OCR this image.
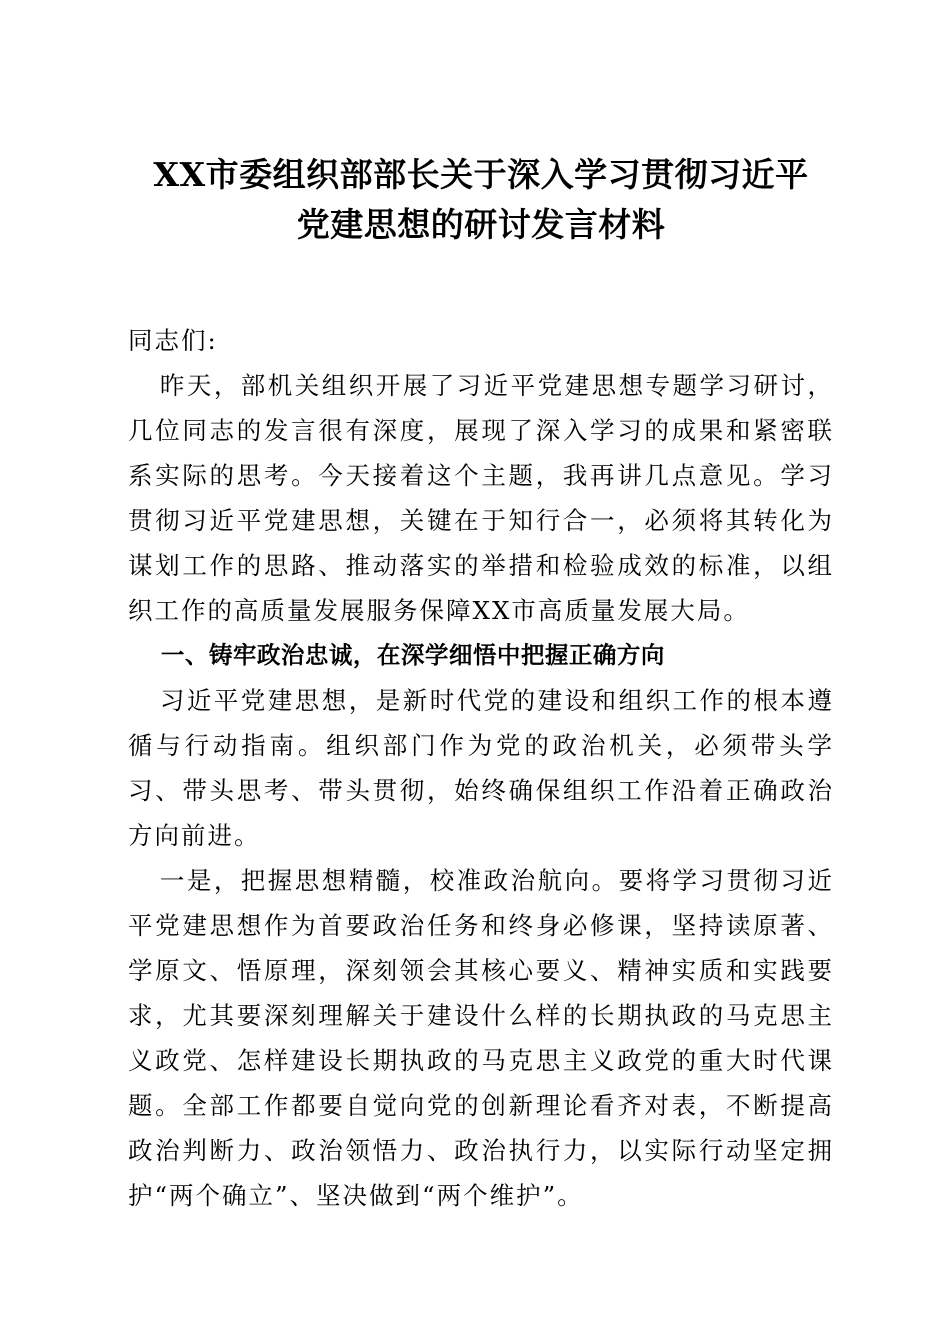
XX市委组织部部长关于深入学习贯彻习近平
党建思想的研讨发言材料

同志们:

昨天，部机关组织开展了习近平党建思想专题学习研讨，几位同志的发言很有深度，展现了深入学习的成果和紧密联系实际的思考。今天接着这个主题，我再讲几点意见。学习贯彻习近平党建思想，关键在于知行合一，必须将其转化为谋划工作的思路、推动落实的举措和检验成效的标准，以组织工作的高质量发展服务保障XX市高质量发展大局。

一、铸牢政治忠诚，在深学细悟中把握正确方向

习近平党建思想，是新时代党的建设和组织工作的根本遵循与行动指南。组织部门作为党的政治机关，必须带头学习、带头思考、带头贯彻，始终确保组织工作沿着正确政治方向前进。

一是，把握思想精髓，校准政治航向。要将学习贯彻习近平党建思想作为首要政治任务和终身必修课，坚持读原著、学原文、悟原理，深刻领会其核心要义、精神实质和实践要求，尤其要深刻理解关于建设什么样的长期执政的马克思主义政党、怎样建设长期执政的马克思主义政党的重大时代课题。全部工作都要自觉向党的创新理论看齐对表，不断提高政治判断力、政治领悟力、政治执行力，以实际行动坚定拥护“两个确立”、坚决做到“两个维护”。
